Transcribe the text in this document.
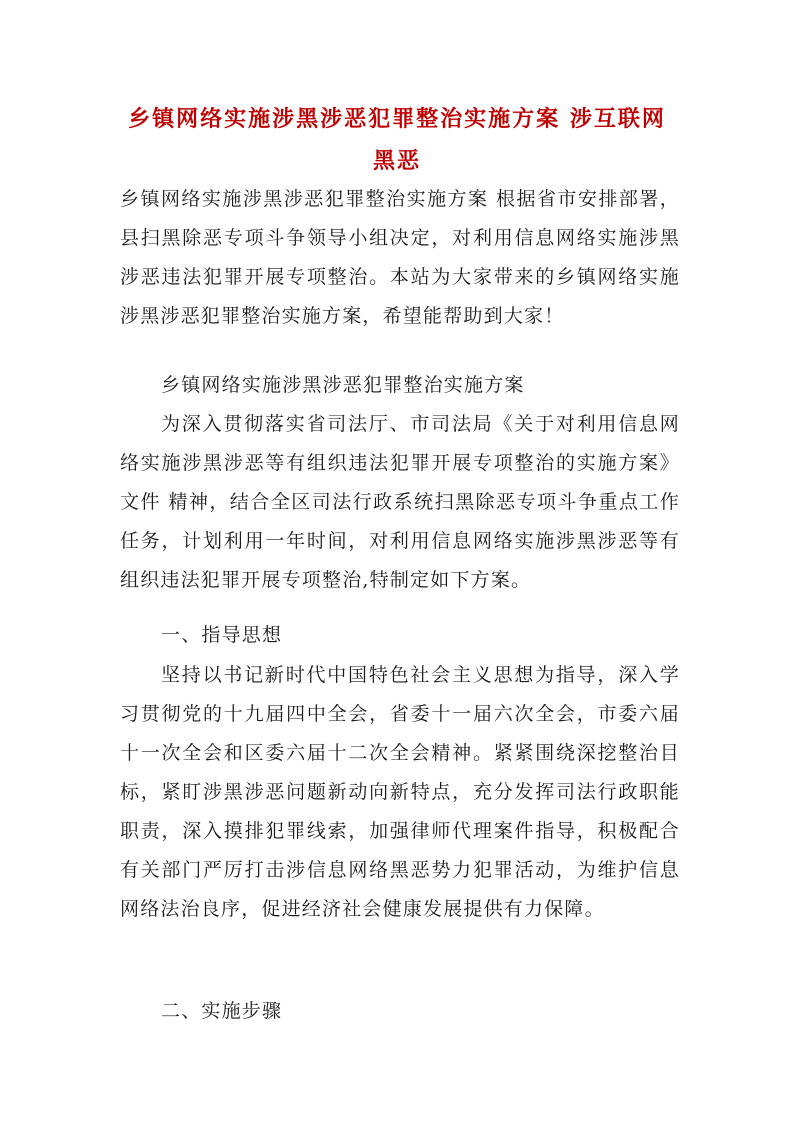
乡镇网络实施涉黑涉恶犯罪整治实施方案 涉互联网
黑恶

乡镇网络实施涉黑涉恶犯罪整治实施方案 根据省市安排部署，县扫黑除恶专项斗争领导小组决定，对利用信息网络实施涉黑涉恶违法犯罪开展专项整治。本站为大家带来的乡镇网络实施涉黑涉恶犯罪整治实施方案，希望能帮助到大家！

乡镇网络实施涉黑涉恶犯罪整治实施方案

为深入贯彻落实省司法厅、市司法局《关于对利用信息网络实施涉黑涉恶等有组织违法犯罪开展专项整治的实施方案》文件 精神，结合全区司法行政系统扫黑除恶专项斗争重点工作任务，计划利用一年时间，对利用信息网络实施涉黑涉恶等有组织违法犯罪开展专项整治,特制定如下方案。

一、指导思想

坚持以书记新时代中国特色社会主义思想为指导，深入学习贯彻党的十九届四中全会，省委十一届六次全会，市委六届十一次全会和区委六届十二次全会精神。紧紧围绕深挖整治目标，紧盯涉黑涉恶问题新动向新特点，充分发挥司法行政职能职责，深入摸排犯罪线索，加强律师代理案件指导，积极配合有关部门严厉打击涉信息网络黑恶势力犯罪活动，为维护信息网络法治良序，促进经济社会健康发展提供有力保障。

二、实施步骤
